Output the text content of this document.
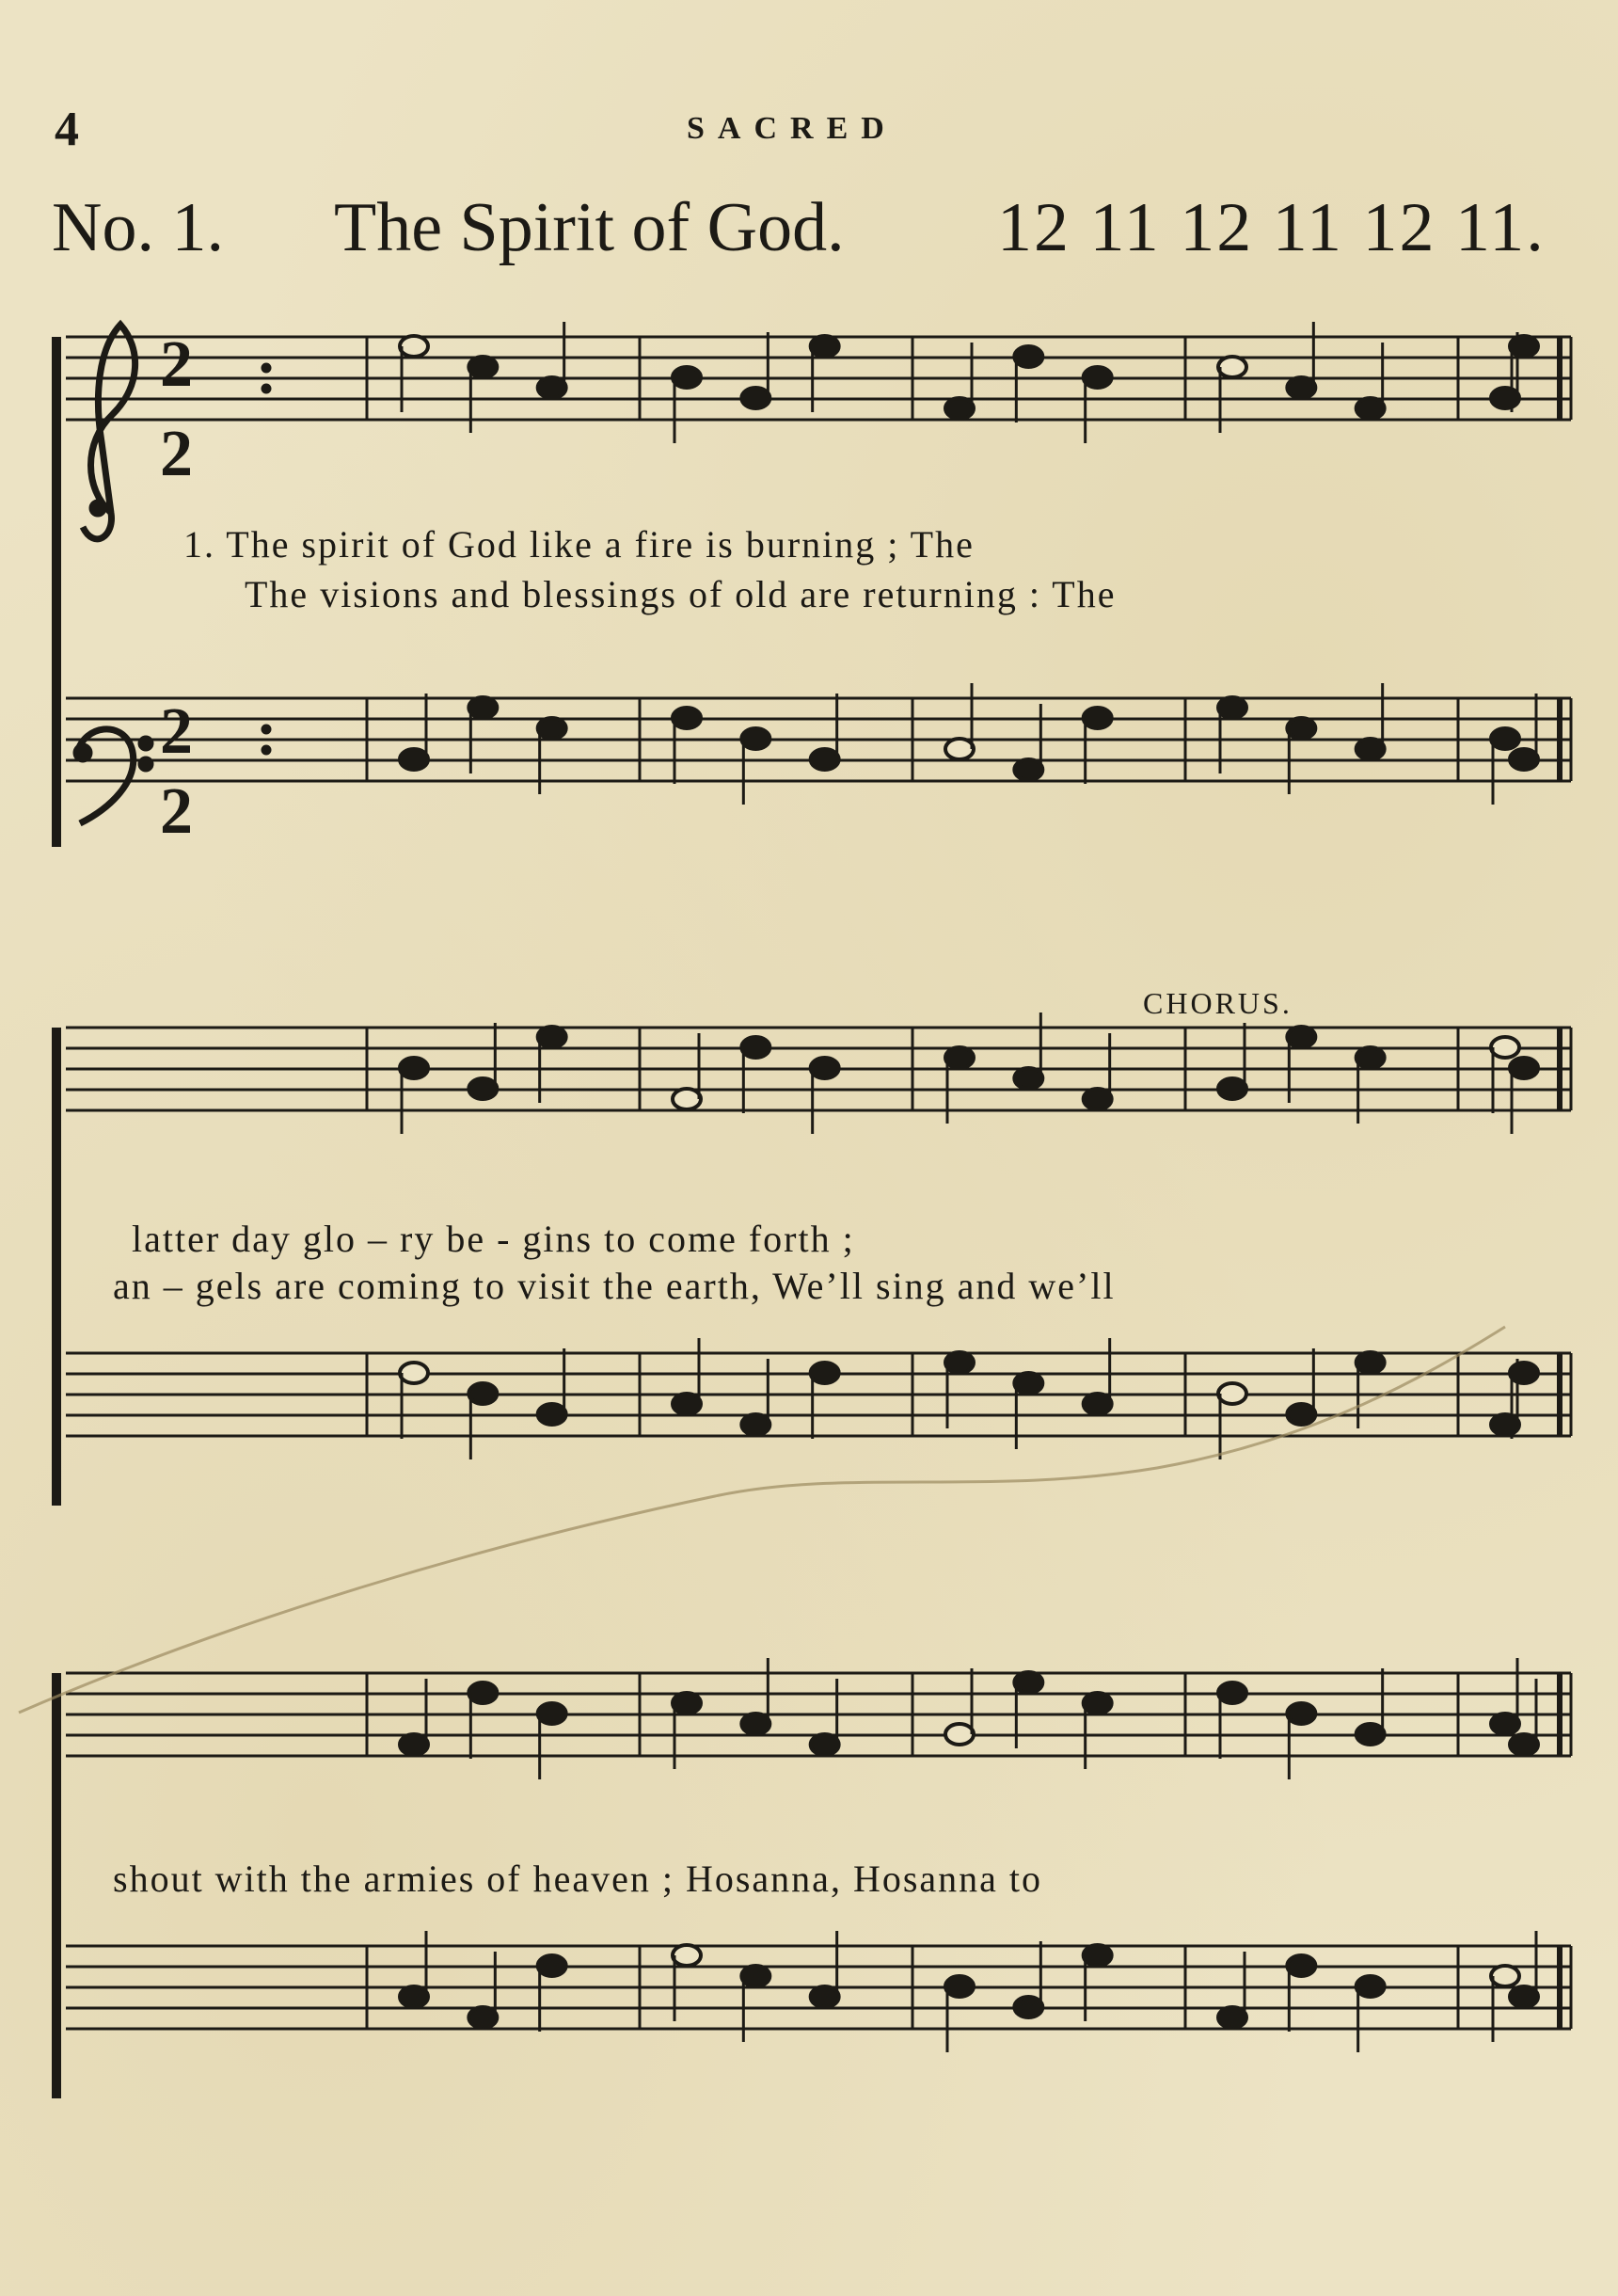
4	SACRED
No. 1. The Spirit of God. 12 11 12 11 12 11.
2
2
2
2
1. The spirit of God like a fire is burning ; The
The visions and blessings of old are returning : The
CHORUS.
latter day glo – ry be - gins to come forth ;
an – gels are coming to visit the earth, We’ll sing and we’ll
shout with the armies of heaven ; Hosanna, Hosanna to
